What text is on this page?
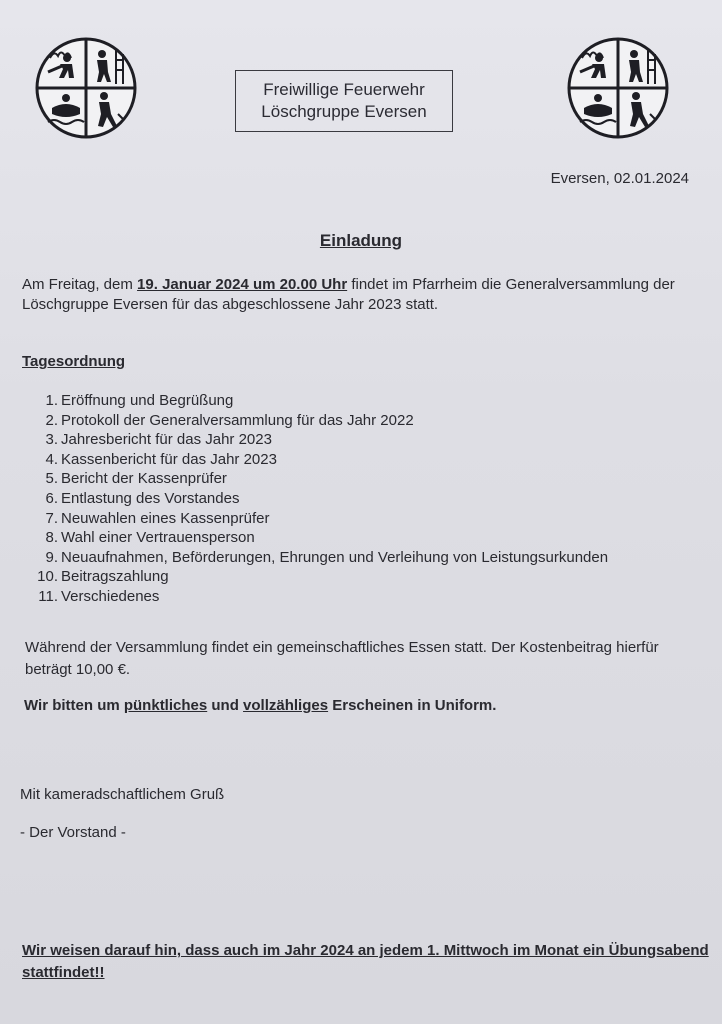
Freiwillige Feuerwehr
Löschgruppe Eversen
Eversen, 02.01.2024
Einladung
Am Freitag, dem 19. Januar 2024 um 20.00 Uhr findet im Pfarrheim die Generalversammlung der Löschgruppe Eversen für das abgeschlossene Jahr 2023 statt.
Tagesordnung
1. Eröffnung und Begrüßung
2. Protokoll der Generalversammlung für das Jahr 2022
3. Jahresbericht für das Jahr 2023
4. Kassenbericht für das Jahr 2023
5. Bericht der Kassenprüfer
6. Entlastung des Vorstandes
7. Neuwahlen eines Kassenprüfer
8. Wahl einer Vertrauensperson
9. Neuaufnahmen, Beförderungen, Ehrungen und Verleihung von Leistungsurkunden
10. Beitragszahlung
11. Verschiedenes
Während der Versammlung findet ein gemeinschaftliches Essen statt. Der Kostenbeitrag hierfür beträgt 10,00 €.
Wir bitten um pünktliches und vollzähliges Erscheinen in Uniform.
Mit kameradschaftlichem Gruß
- Der Vorstand -
Wir weisen darauf hin, dass auch im Jahr 2024 an jedem 1. Mittwoch im Monat ein Übungsabend stattfindet!!
